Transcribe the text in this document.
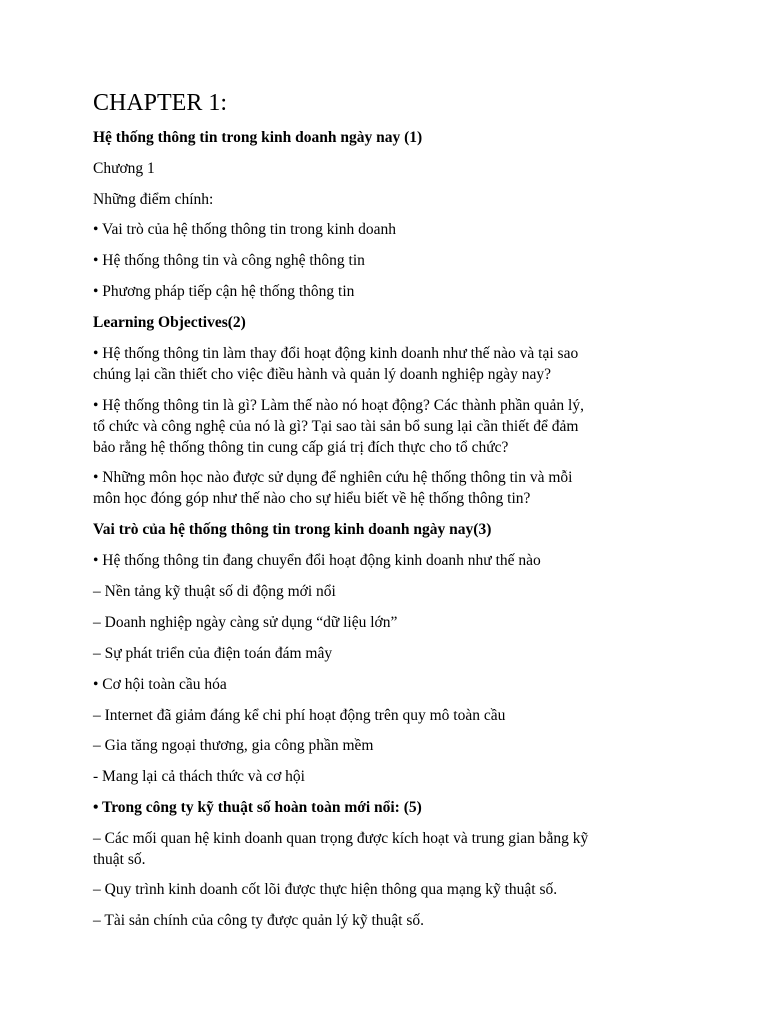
CHAPTER 1:
Hệ thống thông tin trong kinh doanh ngày nay (1)
Chương 1
Những điểm chính:
• Vai trò của hệ thống thông tin trong kinh doanh
• Hệ thống thông tin và công nghệ thông tin
• Phương pháp tiếp cận hệ thống thông tin
Learning Objectives(2)
• Hệ thống thông tin làm thay đổi hoạt động kinh doanh như thế nào và tại sao
chúng lại cần thiết cho việc điều hành và quản lý doanh nghiệp ngày nay?
• Hệ thống thông tin là gì? Làm thế nào nó hoạt động? Các thành phần quản lý,
tổ chức và công nghệ của nó là gì? Tại sao tài sản bổ sung lại cần thiết để đảm
bảo rằng hệ thống thông tin cung cấp giá trị đích thực cho tổ chức?
• Những môn học nào được sử dụng để nghiên cứu hệ thống thông tin và mỗi
môn học đóng góp như thế nào cho sự hiểu biết về hệ thống thông tin?
Vai trò của hệ thống thông tin trong kinh doanh ngày nay(3)
• Hệ thống thông tin đang chuyển đổi hoạt động kinh doanh như thế nào
– Nền tảng kỹ thuật số di động mới nổi
– Doanh nghiệp ngày càng sử dụng “dữ liệu lớn”
– Sự phát triển của điện toán đám mây
• Cơ hội toàn cầu hóa
– Internet đã giảm đáng kể chi phí hoạt động trên quy mô toàn cầu
– Gia tăng ngoại thương, gia công phần mềm
- Mang lại cả thách thức và cơ hội
• Trong công ty kỹ thuật số hoàn toàn mới nổi: (5)
– Các mối quan hệ kinh doanh quan trọng được kích hoạt và trung gian bằng kỹ
thuật số.
– Quy trình kinh doanh cốt lõi được thực hiện thông qua mạng kỹ thuật số.
– Tài sản chính của công ty được quản lý kỹ thuật số.
